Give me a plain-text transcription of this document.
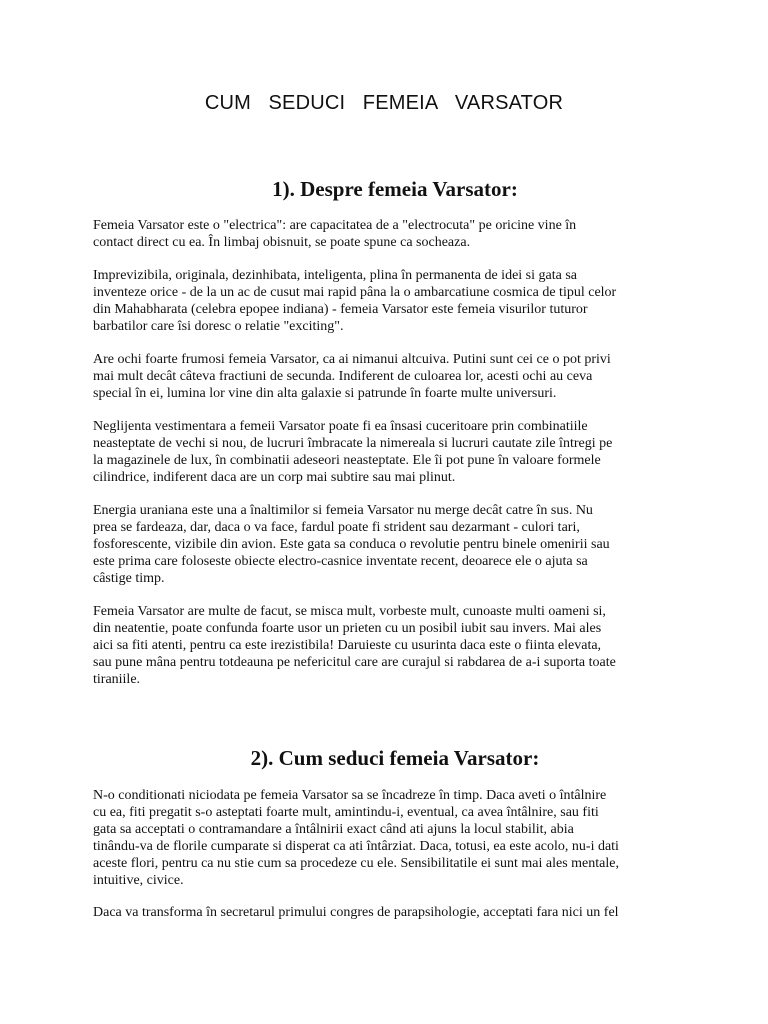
CUM  SEDUCI  FEMEIA  VARSATOR
1). Despre femeia Varsator:

Femeia Varsator este o "electrica": are capacitatea de a "electrocuta" pe oricine vine în
contact direct cu ea. În limbaj obisnuit, se poate spune ca socheaza.

Imprevizibila, originala, dezinhibata, inteligenta, plina în permanenta de idei si gata sa
inventeze orice - de la un ac de cusut mai rapid pâna la o ambarcatiune cosmica de tipul celor
din Mahabharata (celebra epopee indiana) - femeia Varsator este femeia visurilor tuturor
barbatilor care îsi doresc o relatie "exciting".

Are ochi foarte frumosi femeia Varsator, ca ai nimanui altcuiva. Putini sunt cei ce o pot privi
mai mult decât câteva fractiuni de secunda. Indiferent de culoarea lor, acesti ochi au ceva
special în ei, lumina lor vine din alta galaxie si patrunde în foarte multe universuri.

Neglijenta vestimentara a femeii Varsator poate fi ea însasi cuceritoare prin combinatiile
neasteptate de vechi si nou, de lucruri îmbracate la nimereala si lucruri cautate zile întregi pe
la magazinele de lux, în combinatii adeseori neasteptate. Ele îi pot pune în valoare formele
cilindrice, indiferent daca are un corp mai subtire sau mai plinut.

Energia uraniana este una a înaltimilor si femeia Varsator nu merge decât catre în sus. Nu
prea se fardeaza, dar, daca o va face, fardul poate fi strident sau dezarmant - culori tari,
fosforescente, vizibile din avion. Este gata sa conduca o revolutie pentru binele omenirii sau
este prima care foloseste obiecte electro-casnice inventate recent, deoarece ele o ajuta sa
câstige timp.

Femeia Varsator are multe de facut, se misca mult, vorbeste mult, cunoaste multi oameni si,
din neatentie, poate confunda foarte usor un prieten cu un posibil iubit sau invers. Mai ales
aici sa fiti atenti, pentru ca este irezistibila! Daruieste cu usurinta daca este o fiinta elevata,
sau pune mâna pentru totdeauna pe nefericitul care are curajul si rabdarea de a-i suporta toate
tiraniile.

2). Cum seduci femeia Varsator:

N-o conditionati niciodata pe femeia Varsator sa se încadreze în timp. Daca aveti o întâlnire
cu ea, fiti pregatit s-o asteptati foarte mult, amintindu-i, eventual, ca avea întâlnire, sau fiti
gata sa acceptati o contramandare a întâlnirii exact când ati ajuns la locul stabilit, abia
tinându-va de florile cumparate si disperat ca ati întârziat. Daca, totusi, ea este acolo, nu-i dati
aceste flori, pentru ca nu stie cum sa procedeze cu ele. Sensibilitatile ei sunt mai ales mentale,
intuitive, civice.

Daca va transforma în secretarul primului congres de parapsihologie, acceptati fara nici un fel
